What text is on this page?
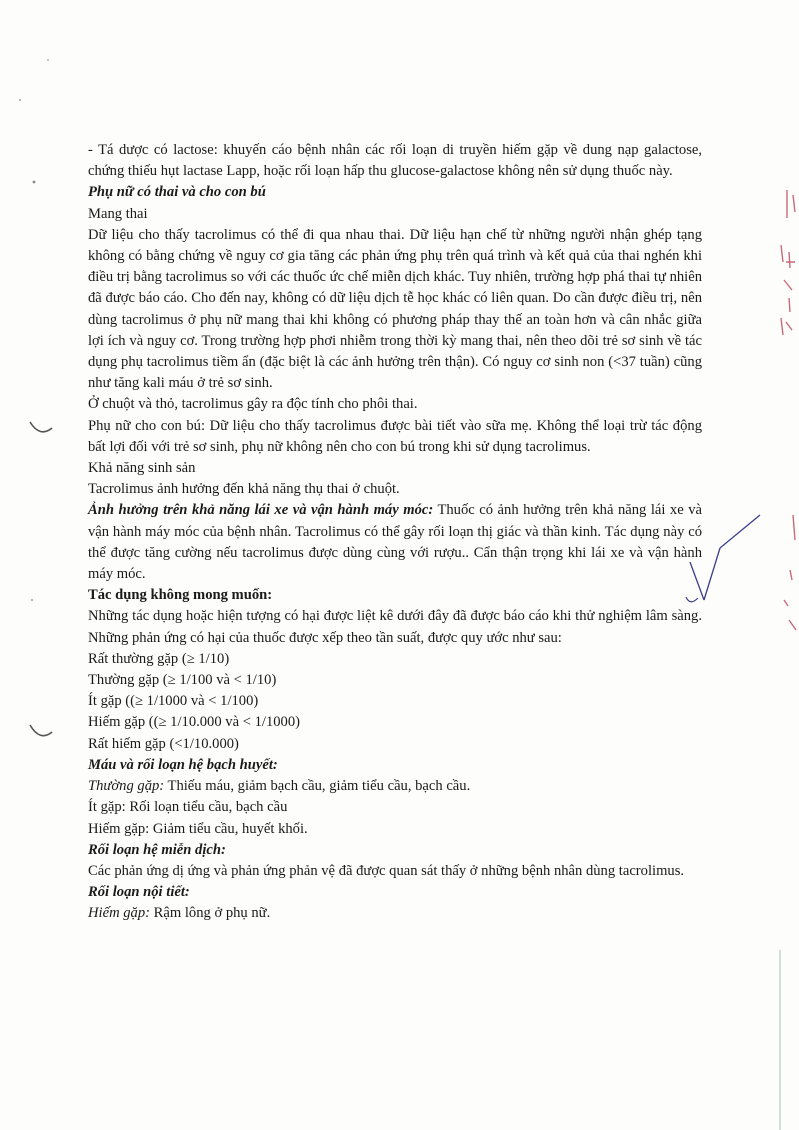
- Tá dược có lactose: khuyến cáo bệnh nhân các rối loạn di truyền hiếm gặp về dung nạp galactose, chứng thiếu hụt lactase Lapp, hoặc rối loạn hấp thu glucose-galactose không nên sử dụng thuốc này.

Phụ nữ có thai và cho con bú

Mang thai

Dữ liệu cho thấy tacrolimus có thể đi qua nhau thai. Dữ liệu hạn chế từ những người nhận ghép tạng không có bằng chứng về nguy cơ gia tăng các phản ứng phụ trên quá trình và kết quả của thai nghén khi điều trị bằng tacrolimus so với các thuốc ức chế miễn dịch khác. Tuy nhiên, trường hợp phá thai tự nhiên đã được báo cáo. Cho đến nay, không có dữ liệu dịch tễ học khác có liên quan. Do cần được điều trị, nên dùng tacrolimus ở phụ nữ mang thai khi không có phương pháp thay thế an toàn hơn và cân nhắc giữa lợi ích và nguy cơ. Trong trường hợp phơi nhiễm trong thời kỳ mang thai, nên theo dõi trẻ sơ sinh về tác dụng phụ tacrolimus tiềm ẩn (đặc biệt là các ảnh hưởng trên thận). Có nguy cơ sinh non (<37 tuần) cũng như tăng kali máu ở trẻ sơ sinh.

Ở chuột và thỏ, tacrolimus gây ra độc tính cho phôi thai.

Phụ nữ cho con bú: Dữ liệu cho thấy tacrolimus được bài tiết vào sữa mẹ. Không thể loại trừ tác động bất lợi đối với trẻ sơ sinh, phụ nữ không nên cho con bú trong khi sử dụng tacrolimus.

Khả năng sinh sản

Tacrolimus ảnh hưởng đến khả năng thụ thai ở chuột.

Ảnh hưởng trên khả năng lái xe và vận hành máy móc: Thuốc có ảnh hưởng trên khả năng lái xe và vận hành máy móc của bệnh nhân. Tacrolimus có thể gây rối loạn thị giác và thần kinh. Tác dụng này có thể được tăng cường nếu tacrolimus được dùng cùng với rượu.. Cẩn thận trọng khi lái xe và vận hành máy móc.

Tác dụng không mong muốn:

Những tác dụng hoặc hiện tượng có hại được liệt kê dưới đây đã được báo cáo khi thử nghiệm lâm sàng. Những phản ứng có hại của thuốc được xếp theo tần suất, được quy ước như sau:

Rất thường gặp (≥ 1/10)

Thường gặp (≥ 1/100 và < 1/10)

Ít gặp ((≥ 1/1000 và < 1/100)

Hiếm gặp ((≥ 1/10.000 và < 1/1000)

Rất hiếm gặp (<1/10.000)

Máu và rối loạn hệ bạch huyết:

Thường gặp: Thiếu máu, giảm bạch cầu, giảm tiểu cầu, bạch cầu.

Ít gặp: Rối loạn tiểu cầu, bạch cầu

Hiếm gặp: Giảm tiểu cầu, huyết khối.

Rối loạn hệ miễn dịch:

Các phản ứng dị ứng và phản ứng phản vệ đã được quan sát thấy ở những bệnh nhân dùng tacrolimus.

Rối loạn nội tiết:

Hiếm gặp: Rậm lông ở phụ nữ.
